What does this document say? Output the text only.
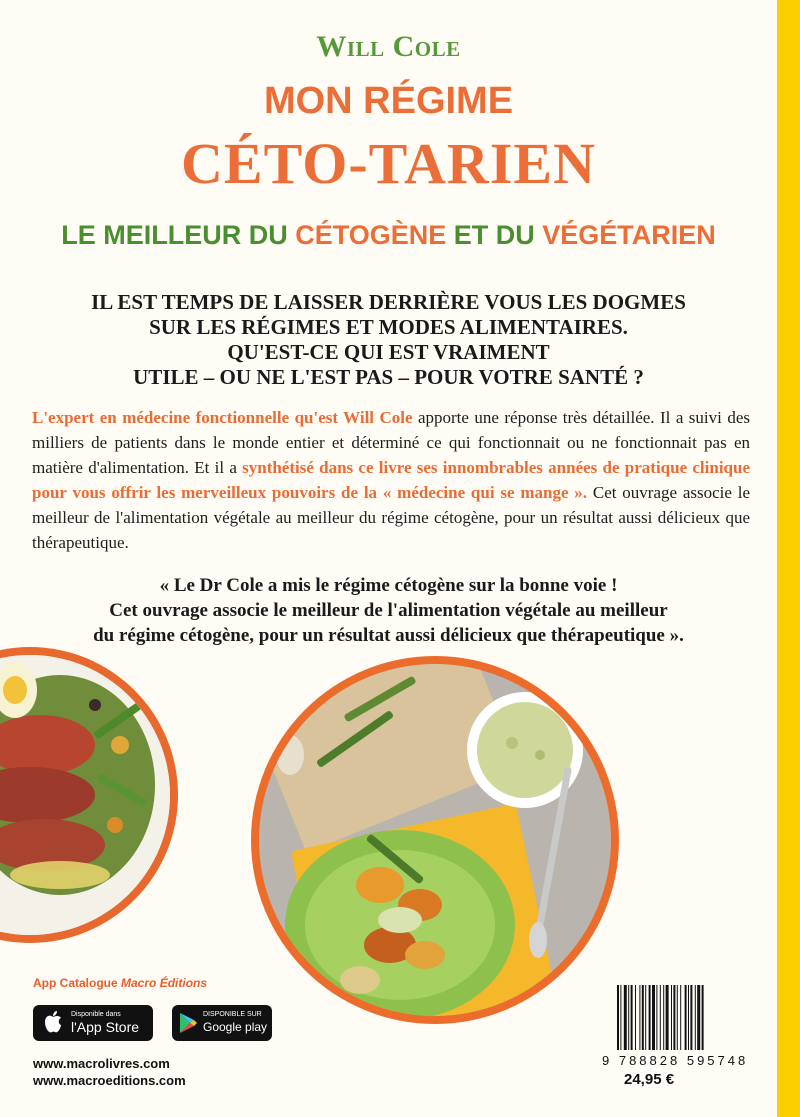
Will Cole
MON RÉGIME
CÉTO-TARIEN
LE MEILLEUR DU CÉTOGÈNE ET DU VÉGÉTARIEN
IL EST TEMPS DE LAISSER DERRIÈRE VOUS LES DOGMES
SUR LES RÉGIMES ET MODES ALIMENTAIRES.
QU'EST-CE QUI EST VRAIMENT
UTILE – OU NE L'EST PAS – POUR VOTRE SANTÉ ?
L'expert en médecine fonctionnelle qu'est Will Cole apporte une réponse très détaillée. Il a suivi des milliers de patients dans le monde entier et déterminé ce qui fonctionnait ou ne fonctionnait pas en matière d'alimentation. Et il a synthétisé dans ce livre ses innombrables années de pratique clinique pour vous offrir les merveilleux pouvoirs de la « médecine qui se mange ». Cet ouvrage associe le meilleur de l'alimentation végétale au meilleur du régime cétogène, pour un résultat aussi délicieux que thérapeutique.
« Le Dr Cole a mis le régime cétogène sur la bonne voie !
Cet ouvrage associe le meilleur de l'alimentation végétale au meilleur
du régime cétogène, pour un résultat aussi délicieux que thérapeutique ».
App Catalogue Macro Éditions
Disponible dans
l'App Store
DISPONIBLE SUR
Google play
www.macrolivres.com
www.macroeditions.com
9 788828 595748
24,95 €
